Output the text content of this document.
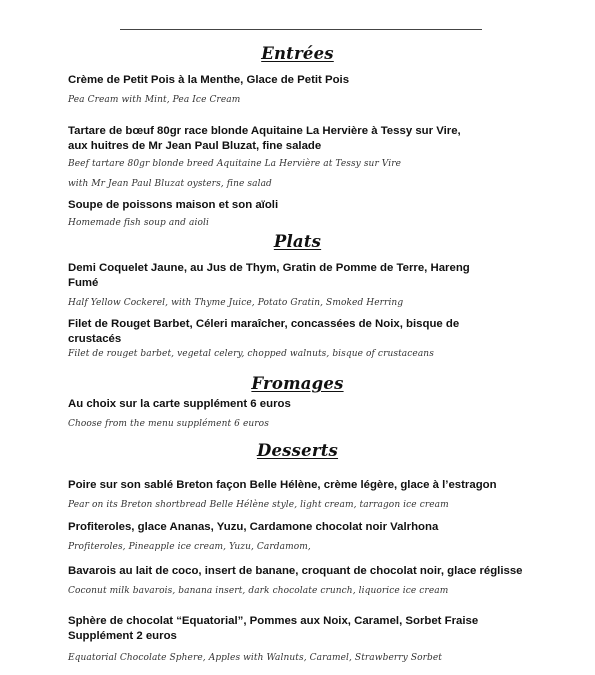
Entrées
Crème de Petit Pois à la Menthe, Glace de Petit Pois
Pea Cream with Mint, Pea Ice Cream
Tartare de bœuf 80gr race blonde Aquitaine La Hervière à Tessy sur Vire,
aux huitres de Mr Jean Paul Bluzat, fine salade
Beef tartare 80gr blonde breed Aquitaine La Hervière at Tessy sur Vire
with Mr Jean Paul Bluzat oysters, fine salad
Soupe de poissons maison et son aïoli
Homemade fish soup and aioli
Plats
Demi Coquelet Jaune, au Jus de Thym, Gratin de Pomme de Terre, Hareng
Fumé
Half Yellow Cockerel, with Thyme Juice, Potato Gratin, Smoked Herring
Filet de Rouget Barbet, Céleri maraîcher, concassées de Noix, bisque de
crustacés
Filet de rouget barbet, vegetal celery, chopped walnuts, bisque of crustaceans
Fromages
Au choix sur la carte supplément 6 euros
Choose from the menu supplément 6 euros
Desserts
Poire sur son sablé Breton façon Belle Hélène, crème légère, glace à l’estragon
Pear on its Breton shortbread Belle Hélène style, light cream, tarragon ice cream
Profiteroles, glace Ananas, Yuzu, Cardamone chocolat noir Valrhona
Profiteroles, Pineapple ice cream, Yuzu, Cardamom,
Bavarois au lait de coco, insert de banane, croquant de chocolat noir, glace réglisse
Coconut milk bavarois, banana insert, dark chocolate crunch, liquorice ice cream
Sphère de chocolat “Equatorial”, Pommes aux Noix, Caramel, Sorbet Fraise
Supplément 2 euros
Equatorial Chocolate Sphere, Apples with Walnuts, Caramel, Strawberry Sorbet
